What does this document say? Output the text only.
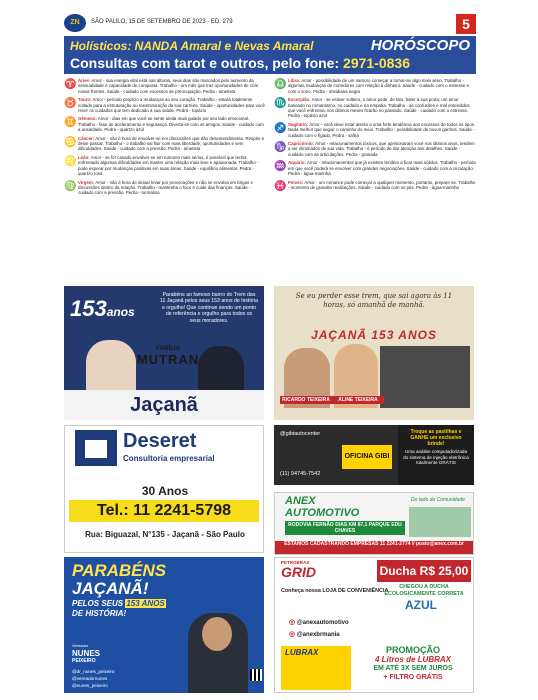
ZN	SÃO PAULO, 15 DE SETEMBRO DE 2023 - ED. 279	5
Holísticos: NANDA Amaral e Nevas Amaral	HORÓSCOPO
Consultas com tarot e outros, pelo fone: 2971-0836
♈ Áries: Amor - sua energia vital está nas alturas, seus dias são marcados pelo aumento da sensualidade e capacidade de conquista. Trabalho - um mês que traz oportunidades de criar novas frentes. Saúde - cuidado com excessos de preocupação. Pedra - ametista
♉ Touro: Amor - período propício a mudanças ao seu coração. Trabalho - estará totalmente voltado para a estruturação ou reestruturação da sua carreira. Saúde - oportunidades para você rever os cuidados que tem dedicado à sua saúde. Pedra - topázio
♊ Gêmeos: Amor - dias em que você se sente ainda mais guiado por seu lado emocional. Trabalho - fase de aceleramento e segurança. Diverta-se com os amigos. Saúde - cuidado com a ansiedade. Pedra - quartzo azul
♋ Câncer: Amor - não é hora de envolver-se em discussões que dão desentendimento. Respire e deixe passar. Trabalho - o trabalho vai fluir com mais liberdade, oportunidades e sem dificuldades. Saúde - cuidado com a pressão. Pedra - ametista
♌ Leão: Amor - se for casado envolver-se em rumores mais sérios, é possível que tenha enfrentado algumas dificuldades em manter uma relação mais leve e apaixonada. Trabalho - pode esperar por mudanças positivas em suas áreas. Saúde - equilíbrio alimentar. Pedra - quartzo rosa
♍ Virgem: Amor - não é hora de deixar levar por provocações e não se envolva em brigas e discussões dentro da relação. Trabalho - mantenha o foco e cuide das finanças. Saúde - cuidado com a pressão. Pedra - turmalina
♎ Libra: Amor - possibilidade de um namoro começar a tornar-se algo mais sério. Trabalho - algumas mudanças de corredores com relação à dinheiro. Saúde - cuidado com o estresse e com o sono. Pedra - obsidiana negra
♏ Escorpião: Amor - se estiver solteiro, o amor pode, de fato, bater à sua porta; um amor baseado no romantismo, no cuidado e na empatia. Trabalho - as confusões e mal entendidos que você enfrentou nos últimos meses ficarão no passado. Saúde - cuidado com o estresse. Pedra - topázio azul
♐ Sagitário: Amor - você deve estar atento a uma forte tendência aos excessos de todos os tipos. Nada melhor que seguir o caminho do meio. Trabalho - possibilidade de novos ganhos. Saúde - cuidado com o fígado. Pedra - safira
♑ Capricórnio: Amor - relacionamentos tóxicos, que aprisionaram você nos últimos anos, tendem a ser eliminados de sua vida. Trabalho - é período de dar atenção aos detalhes. Saúde - cuidado com as articulações. Pedra - granada
♒ Aquário: Amor - relacionamentos que já existem tendem a ficar mais sólidos. Trabalho - período em que você poderá se envolver com grandes negociações. Saúde - cuidado com a circulação. Pedra - água-marinha
♓ Peixes: Amor - um romance pode começar a qualquer momento, portanto, prepare-se. Trabalho - momento de grandes realizações. Saúde - cuidado com os pés. Pedra - água-marinha
153anos
Parabéns ao famoso bairro do Trem das 11 Jaçanã pelos seus 153 anos de história e orgulho! Que continue sendo um ponto de referência e orgulho para todos os seus moradores.
FAMÍLIA
MUTRAN
Jaçanã
Se eu perder esse trem, que sai agora às 11 horas, só amanhã de manhã.
JAÇANÃ 153 ANOS
RICARDO TEIXEIRA	ALINE TEIXEIRA
Deseret
Consultoria empresarial
30 Anos
Tel.: 11 2241-5798
Rua: Biguazal, N°135 - Jaçanã - São Paulo
@gibiautocenter
OFICINA GIBI
(11) 94745-7542
Troque as pastilhas e GANHE um exclusivo brinde!
Uma análise computadorizada do sistema de injeção eletrônica totalmente GRÁTIS
ANEX
AUTOMOTIVO
Do lado da Comunidade
RODOVIA FERNÃO DIAS KM 87,1 PARQUE EDU CHAVES
ESTAMOS CADASTRANDO EMPRESAS 11 2241-2774 // posto@anex.com.br
PARABÉNS
JAÇANÃ!
PELOS SEUS 153 ANOS
DE HISTÓRIA!
Vereador
NUNES
PEIXEIRO
@dr_nunes_peixeiro
@vereadornunes
@nunes_peixeiro
PETROBRAS
GRID	Ducha R$ 25,00
Conheça nossa LOJA DE CONVENIÊNCIA
CHEGOU A DUCHA ECOLOGICAMENTE CORRETA
AZUL
◎ @anexautomotivo
◎ @anexbrmania
LUBRAX	PROMOÇÃO
4 Litros de LUBRAX
EM ATÉ 3X SEM JUROS
+ FILTRO GRÁTIS
